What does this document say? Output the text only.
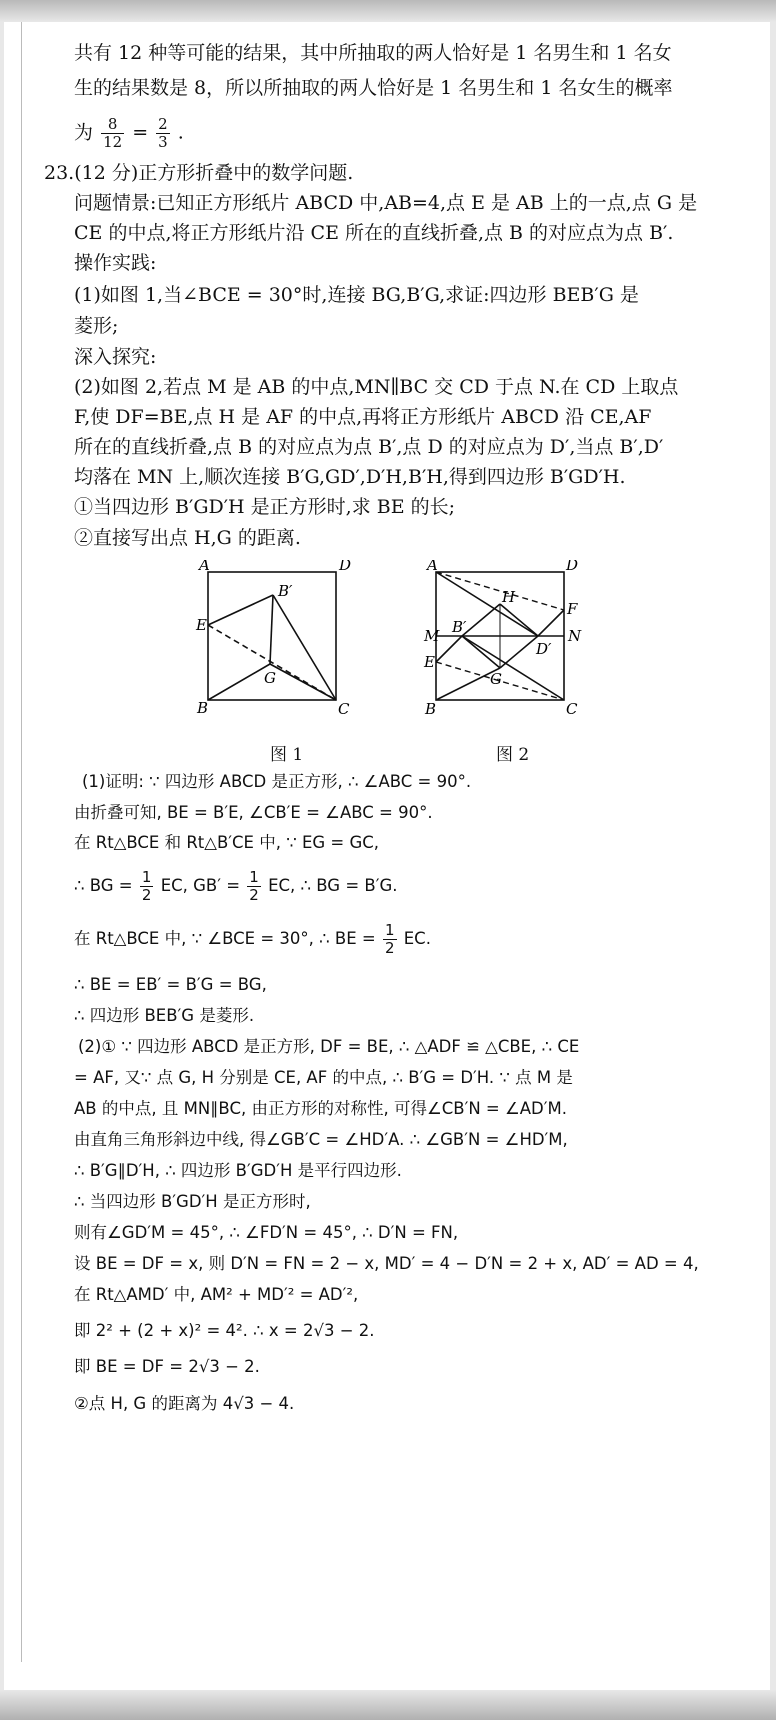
共有 12 种等可能的结果，其中所抽取的两人恰好是 1 名男生和 1 名女
生的结果数是 8，所以所抽取的两人恰好是 1 名男生和 1 名女生的概率
为 $\frac{8}{12} = \frac{2}{3}$ .
23.(12 分)正方形折叠中的数学问题.
问题情景:已知正方形纸片 ABCD 中,AB=4,点 E 是 AB 上的一点,点 G 是
CE 的中点,将正方形纸片沿 CE 所在的直线折叠,点 B 的对应点为点 B′.
操作实践:
(1)如图 1,当∠BCE = 30°时,连接 BG,B′G,求证:四边形 BEB′G 是
菱形;
深入探究:
(2)如图 2,若点 M 是 AB 的中点,MN∥BC 交 CD 于点 N.在 CD 上取点
F,使 DF=BE,点 H 是 AF 的中点,再将正方形纸片 ABCD 沿 CE,AF
所在的直线折叠,点 B 的对应点为点 B′,点 D 的对应点为 D′,当点 B′,D′
均落在 MN 上,顺次连接 B′G,GD′,D′H,B′H,得到四边形 B′GD′H.
①当四边形 B′GD′H 是正方形时,求 BE 的长;
②直接写出点 H,G 的距离.
A	D
B	C
E
B′
G
图 1
A	D
B	C
M	N
F
E
H
B′
D′
G
图 2
(1)证明: ∵ 四边形 ABCD 是正方形, ∴ ∠ABC = 90°.
由折叠可知, BE = B′E, ∠CB′E = ∠ABC = 90°.
在 Rt△BCE 和 Rt△B′CE 中, ∵ EG = GC,
∴ BG = $\frac{1}{2}$ EC, $GB' = \frac{1}{2}$ EC, ∴ BG = B′G.
在 Rt△BCE 中, ∵ ∠BCE = 30°, ∴ BE = $\frac{1}{2}$ EC.
∴ BE = EB′ = B′G = BG,
∴ 四边形 BEB′G 是菱形.
(2)① ∵ 四边形 ABCD 是正方形, DF = BE, ∴ △ADF ≌ △CBE, ∴ CE
= AF, 又∵ 点 G, H 分别是 CE, AF 的中点, ∴ B′G = D′H. ∵ 点 M 是
AB 的中点, 且 MN∥BC, 由正方形的对称性, 可得∠CB′N = ∠AD′M.
由直角三角形斜边中线, 得∠GB′C = ∠HD′A. ∴ ∠GB′N = ∠HD′M,
∴ B′G∥D′H, ∴ 四边形 B′GD′H 是平行四边形.
∴ 当四边形 B′GD′H 是正方形时,
则有∠GD′M = 45°, ∴ ∠FD′N = 45°, ∴ D′N = FN,
设 BE = DF = x, 则 D′N = FN = 2 − x, MD′ = 4 − D′N = 2 + x, AD′ = AD = 4,
在 Rt△AMD′ 中, AM² + MD′² = AD′²,
即 2² + (2 + x)² = 4². ∴ x = 2√3 − 2.
即 BE = DF = 2√3 − 2.
②点 H, G 的距离为 4√3 − 4.
